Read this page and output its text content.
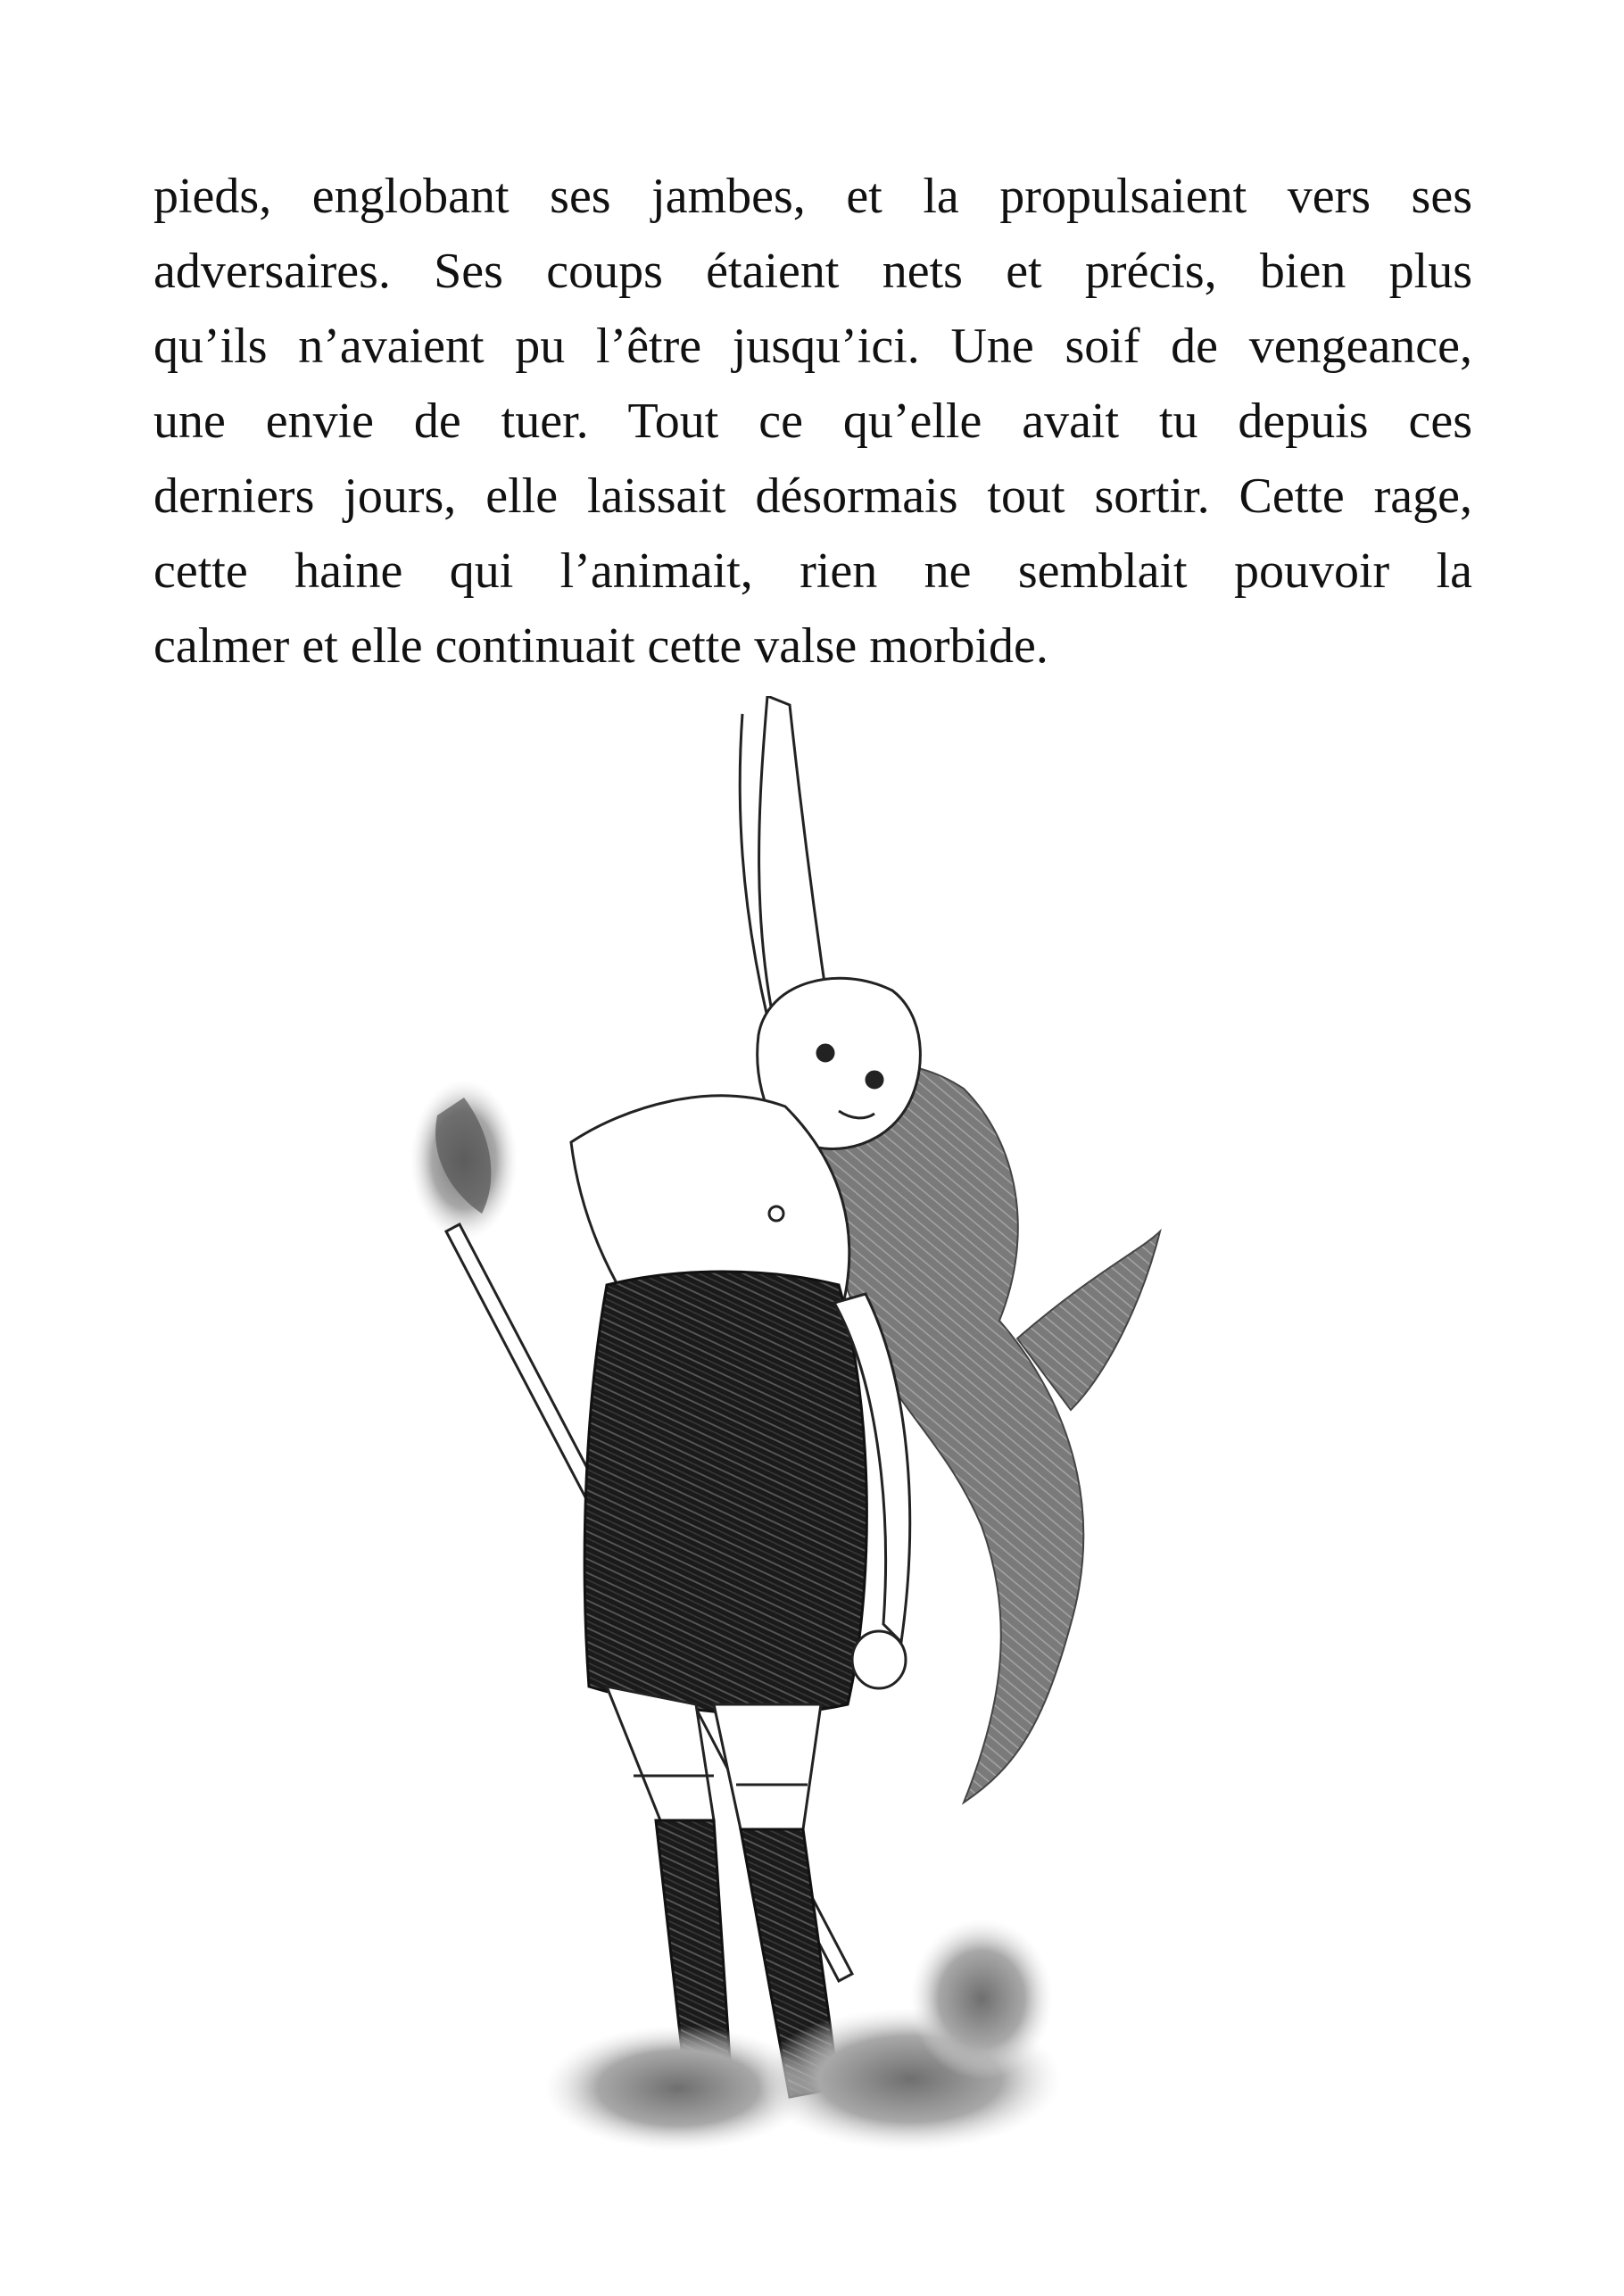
pieds, englobant ses jambes, et la propulsaient vers ses
adversaires. Ses coups étaient nets et précis, bien plus
qu’ils n’avaient pu l’être jusqu’ici. Une soif de vengeance,
une envie de tuer. Tout ce qu’elle avait tu depuis ces
derniers jours, elle laissait désormais tout sortir. Cette rage,
cette haine qui l’animait, rien ne semblait pouvoir la
calmer et elle continuait cette valse morbide.
